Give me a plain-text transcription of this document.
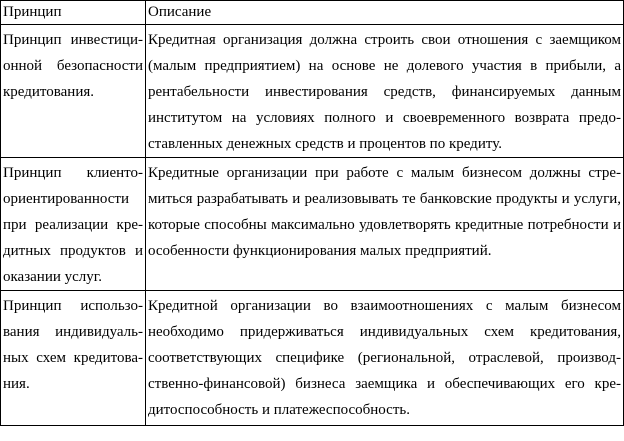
Принцип	Описание

Принцип инвестиционной безопасности кредитования.	Кредитная организация должна строить свои отношения с заемщиком (малым предприятием) на основе не долевого участия в прибыли, а рентабельности инвестирования средств, финансируемых данным институтом на условиях полного и своевременного возврата предоставленных денежных средств и процентов по кредиту.

Принцип клиентоориентированности при реализации кредитных продуктов и оказании услуг.	Кредитные организации при работе с малым бизнесом должны стремиться разрабатывать и реализовывать те банковские продукты и услуги, которые способны максимально удовлетворять кредитные потребности и особенности функционирования малых предприятий.

Принцип использования индивидуальных схем кредитования.	Кредитной организации во взаимоотношениях с малым бизнесом необходимо придерживаться индивидуальных схем кредитования, соответствующих специфике (региональной, отраслевой, производственно-финансовой) бизнеса заемщика и обеспечивающих его кредитоспособность и платежеспособность.
